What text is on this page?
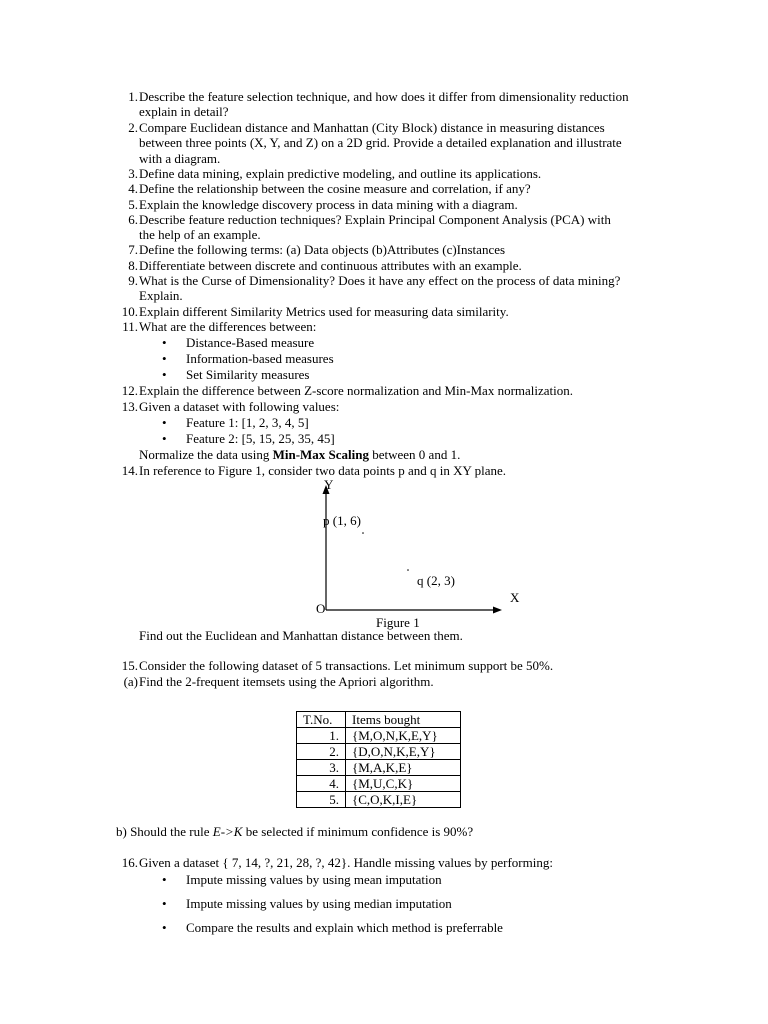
1. Describe the feature selection technique, and how does it differ from dimensionality reduction
explain in detail?
2. Compare Euclidean distance and Manhattan (City Block) distance in measuring distances
between three points (X, Y, and Z) on a 2D grid. Provide a detailed explanation and illustrate
with a diagram.
3. Define data mining, explain predictive modeling, and outline its applications.
4. Define the relationship between the cosine measure and correlation, if any?
5. Explain the knowledge discovery process in data mining with a diagram.
6. Describe feature reduction techniques? Explain Principal Component Analysis (PCA) with
the help of an example.
7. Define the following terms: (a) Data objects (b)Attributes (c)Instances
8. Differentiate between discrete and continuous attributes with an example.
9. What is the Curse of Dimensionality? Does it have any effect on the process of data mining?
Explain.
10. Explain different Similarity Metrics used for measuring data similarity.
11. What are the differences between:
• Distance-Based measure
• Information-based measures
• Set Similarity measures
12. Explain the difference between Z-score normalization and Min-Max normalization.
13. Given a dataset with following values:
• Feature 1: [1, 2, 3, 4, 5]
• Feature 2: [5, 15, 25, 35, 45]
Normalize the data using Min-Max Scaling between 0 and 1.
14. In reference to Figure 1, consider two data points p and q in XY plane.
Y
p (1, 6)
q (2, 3)
X
O
Figure 1
Find out the Euclidean and Manhattan distance between them.
15. Consider the following dataset of 5 transactions. Let minimum support be 50%.
(a) Find the 2-frequent itemsets using the Apriori algorithm.
T.No.	Items bought
1.	{M,O,N,K,E,Y}
2.	{D,O,N,K,E,Y}
3.	{M,A,K,E}
4.	{M,U,C,K}
5.	{C,O,K,I,E}
b) Should the rule E->K be selected if minimum confidence is 90%?
16. Given a dataset { 7, 14, ?, 21, 28, ?, 42}. Handle missing values by performing:
• Impute missing values by using mean imputation
• Impute missing values by using median imputation
• Compare the results and explain which method is preferrable
